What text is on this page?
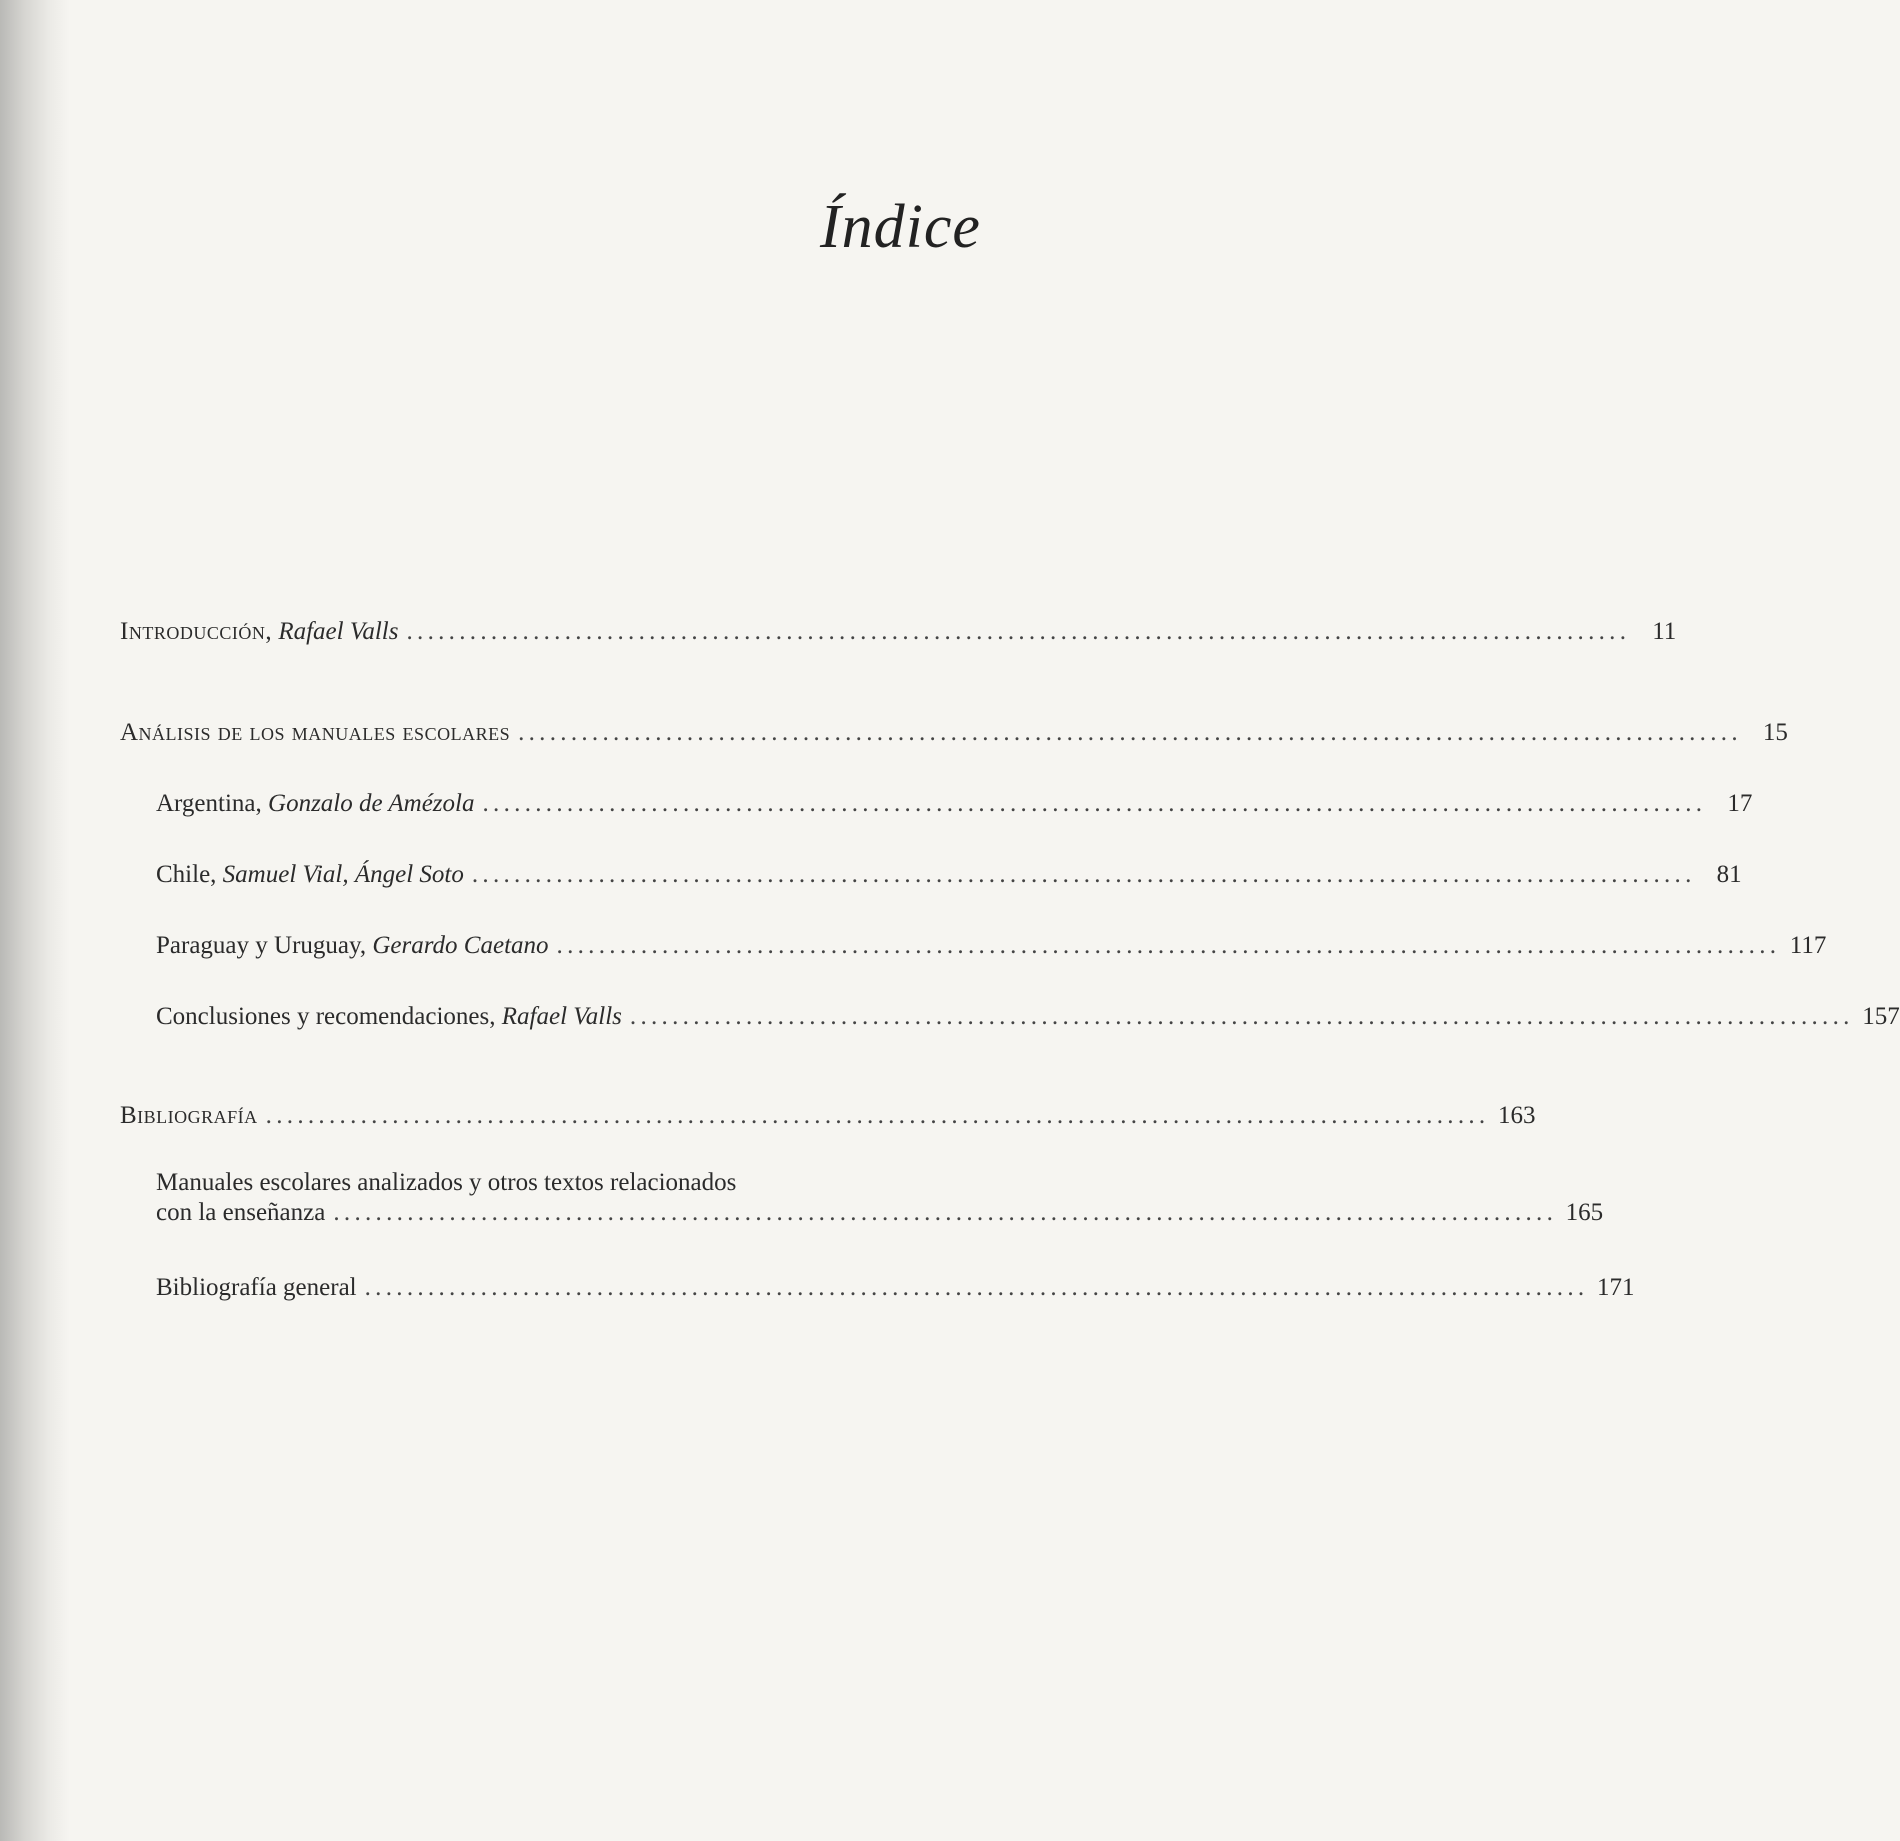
Índice
Introducción, Rafael Valls .................................................................................................................... 11
Análisis de los manuales escolares .................................................................................................................... 15
Argentina, Gonzalo de Amézola .................................................................................................................... 17
Chile, Samuel Vial, Ángel Soto .................................................................................................................... 81
Paraguay y Uruguay, Gerardo Caetano .................................................................................................................... 117
Conclusiones y recomendaciones, Rafael Valls .................................................................................................................... 157
Bibliografía .................................................................................................................... 163
Manuales escolares analizados y otros textos relacionados
con la enseñanza .................................................................................................................... 165
Bibliografía general .................................................................................................................... 171
